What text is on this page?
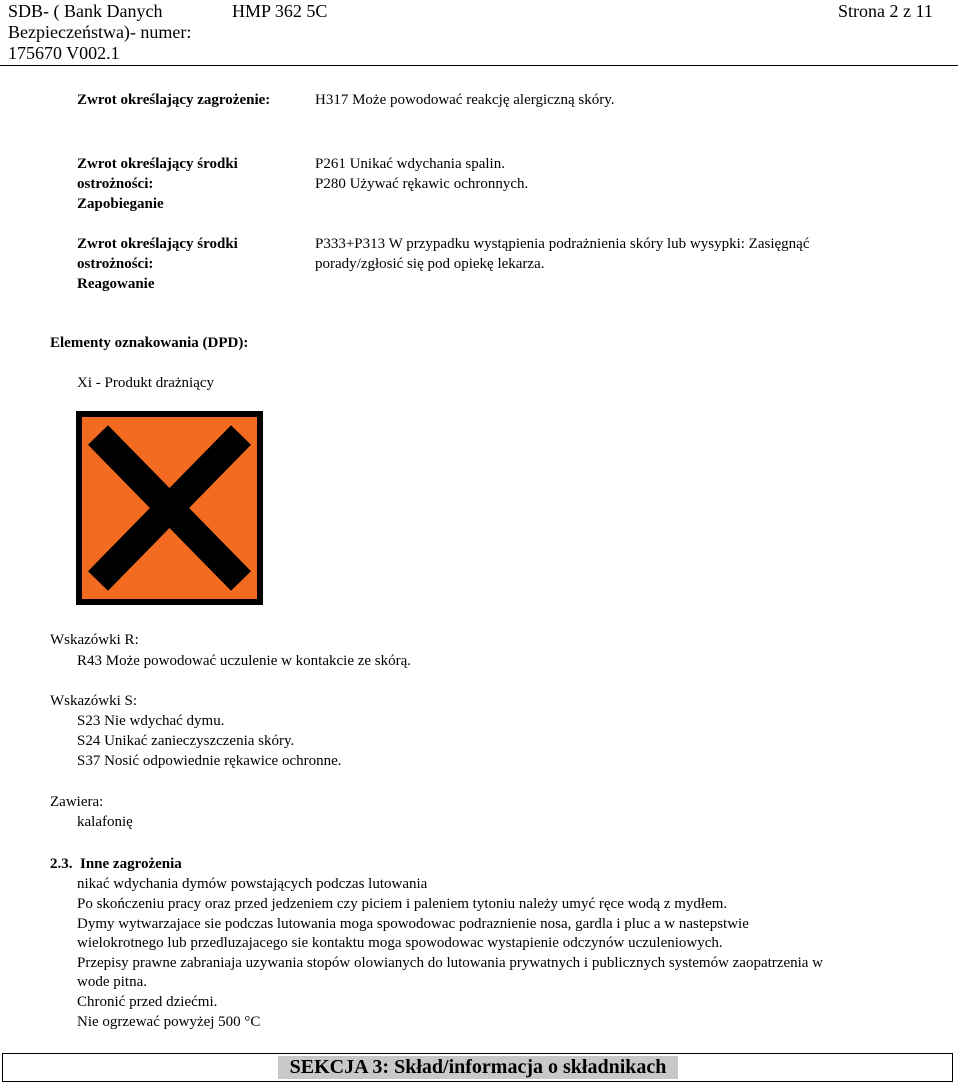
SDB- ( Bank Danych	HMP 362 5C
Bezpieczeństwa)- numer:
175670 V002.1
Strona 2 z 11
Zwrot określający zagrożenie:	H317 Może powodować reakcję alergiczną skóry.
Zwrot określający środki
ostrożności:
Zapobieganie
P261 Unikać wdychania spalin.
P280 Używać rękawic ochronnych.
Zwrot określający środki
ostrożności:
Reagowanie
P333+P313 W przypadku wystąpienia podrażnienia skóry lub wysypki: Zasięgnąć
porady/zgłosić się pod opiekę lekarza.
Elementy oznakowania (DPD):
Xi - Produkt drażniący
Wskazówki R:
R43 Może powodować uczulenie w kontakcie ze skórą.
Wskazówki S:
S23 Nie wdychać dymu.
S24 Unikać zanieczyszczenia skóry.
S37 Nosić odpowiednie rękawice ochronne.
Zawiera:
kalafonię
2.3. Inne zagrożenia
nikać wdychania dymów powstających podczas lutowania
Po skończeniu pracy oraz przed jedzeniem czy piciem i paleniem tytoniu należy umyć ręce wodą z mydłem.
Dymy wytwarzajace sie podczas lutowania moga spowodowac podraznienie nosa, gardla i pluc a w nastepstwie
wielokrotnego lub przedluzajacego sie kontaktu moga spowodowac wystapienie odczynów uczuleniowych.
Przepisy prawne zabraniaja uzywania stopów olowianych do lutowania prywatnych i publicznych systemów zaopatrzenia w
wode pitna.
Chronić przed dziećmi.
Nie ogrzewać powyżej 500 °C
SEKCJA 3: Skład/informacja o składnikach
